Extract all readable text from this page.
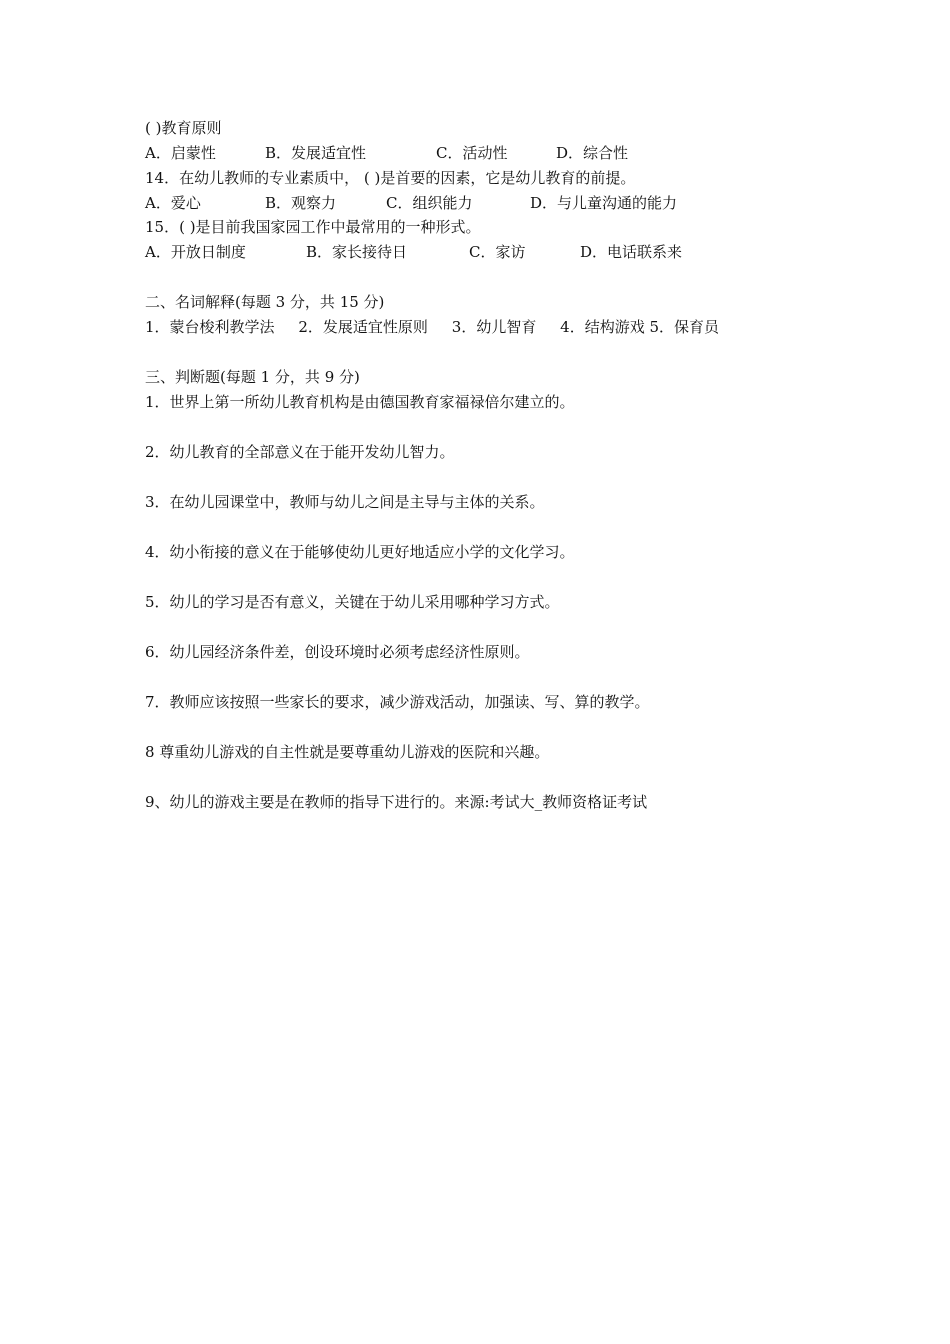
( )教育原则
A．启蒙性	B．发展适宜性	C．活动性	D．综合性
14．在幼儿教师的专业素质中， ( )是首要的因素，它是幼儿教育的前提。
A．爱心	B．观察力	C．组织能力	D．与儿童沟通的能力
15．( )是目前我国家园工作中最常用的一种形式。
A．开放日制度	B．家长接待日	C．家访	D．电话联系来
二、名词解释(每题 3 分，共 15 分)
1．蒙台梭利教学法     2．发展适宜性原则     3．幼儿智育     4．结构游戏 5．保育员
三、判断题(每题 1 分，共 9 分)
1．世界上第一所幼儿教育机构是由德国教育家福禄倍尔建立的。
2．幼儿教育的全部意义在于能开发幼儿智力。
3．在幼儿园课堂中，教师与幼儿之间是主导与主体的关系。
4．幼小衔接的意义在于能够使幼儿更好地适应小学的文化学习。
5．幼儿的学习是否有意义，关键在于幼儿采用哪种学习方式。
6．幼儿园经济条件差，创设环境时必须考虑经济性原则。
7．教师应该按照一些家长的要求，减少游戏活动，加强读、写、算的教学。
8 尊重幼儿游戏的自主性就是要尊重幼儿游戏的医院和兴趣。
9、幼儿的游戏主要是在教师的指导下进行的。来源:考试大_教师资格证考试
